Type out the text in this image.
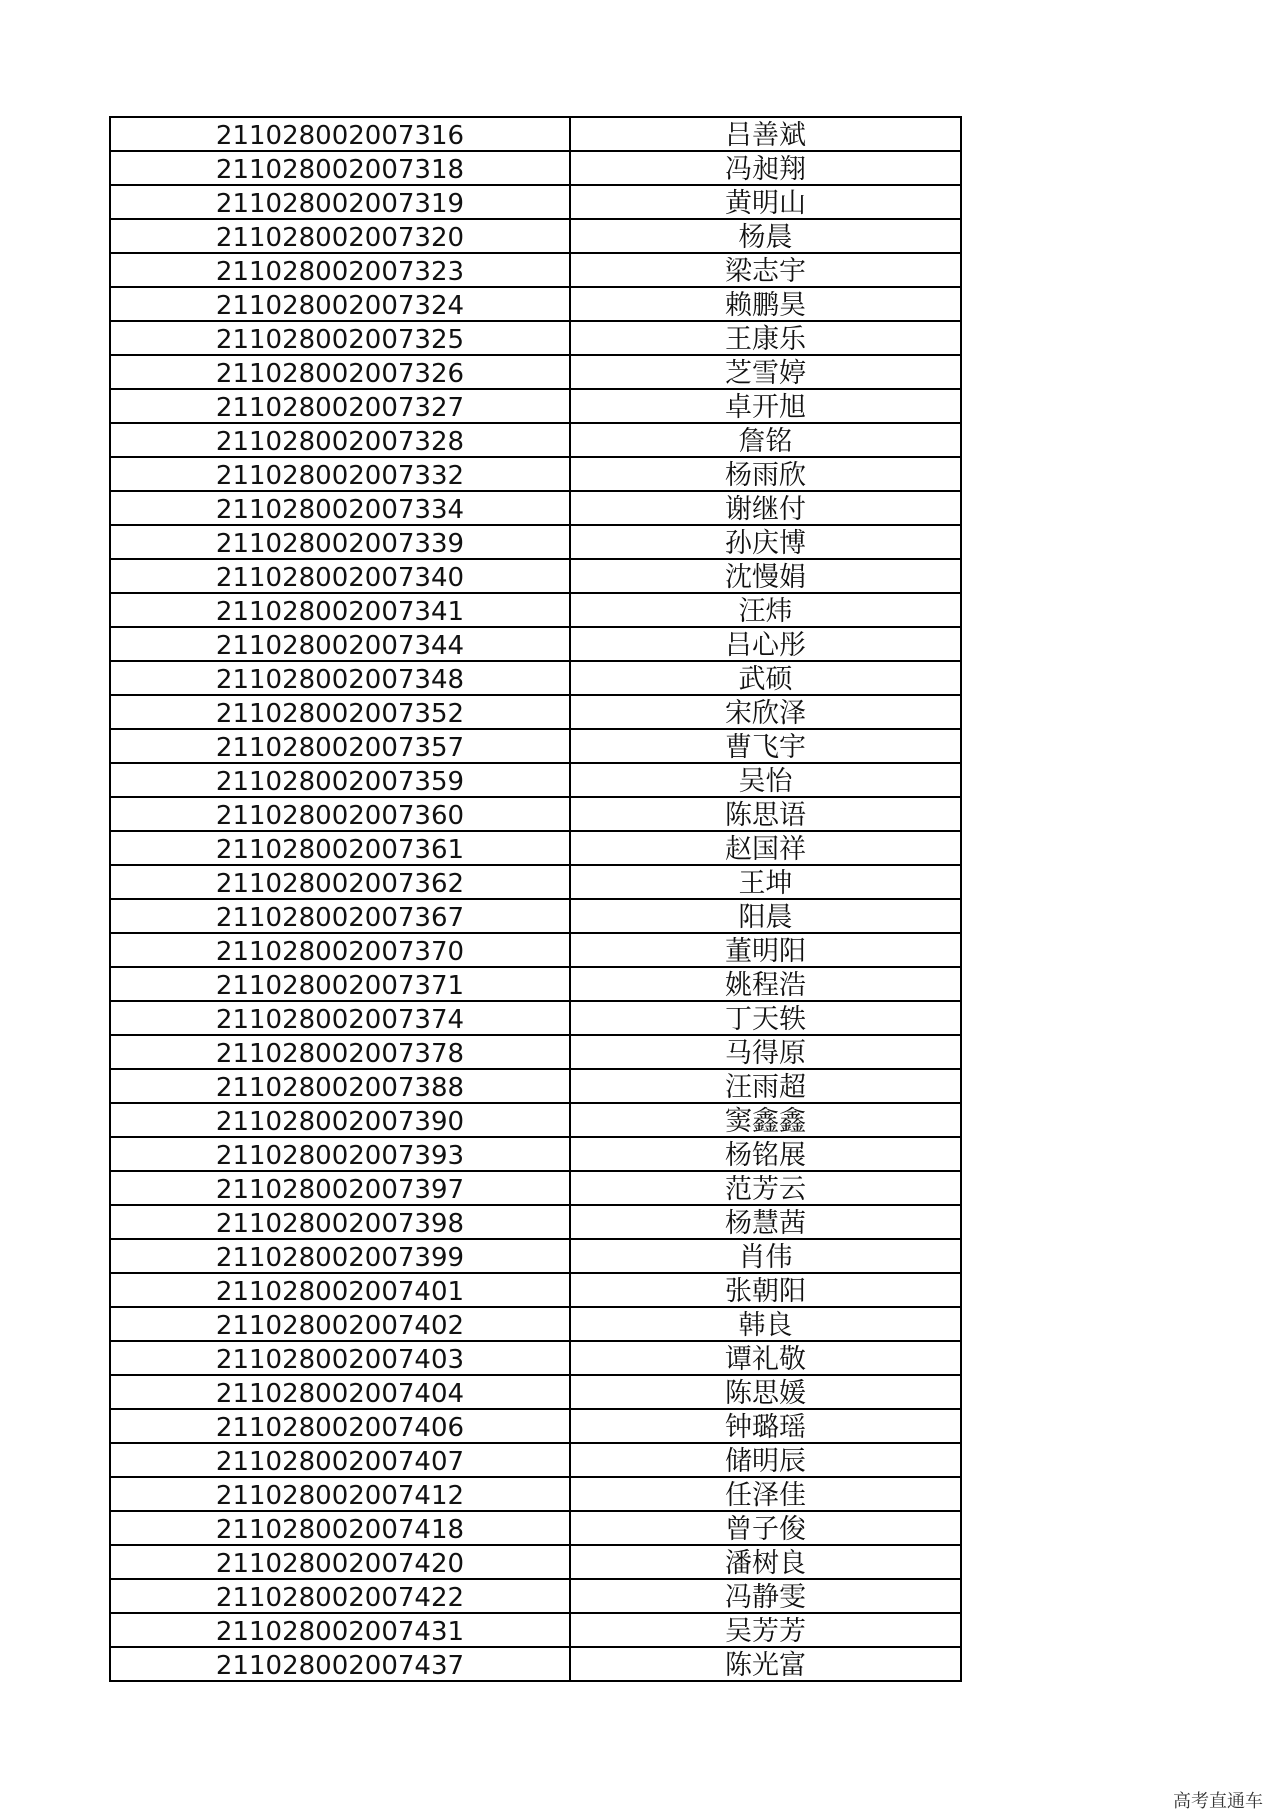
211028002007316	吕善斌
211028002007318	冯昶翔
211028002007319	黄明山
211028002007320	杨晨
211028002007323	梁志宇
211028002007324	赖鹏昊
211028002007325	王康乐
211028002007326	芝雪婷
211028002007327	卓开旭
211028002007328	詹铭
211028002007332	杨雨欣
211028002007334	谢继付
211028002007339	孙庆博
211028002007340	沈慢娟
211028002007341	汪炜
211028002007344	吕心彤
211028002007348	武硕
211028002007352	宋欣泽
211028002007357	曹飞宇
211028002007359	吴怡
211028002007360	陈思语
211028002007361	赵国祥
211028002007362	王坤
211028002007367	阳晨
211028002007370	董明阳
211028002007371	姚程浩
211028002007374	丁天轶
211028002007378	马得原
211028002007388	汪雨超
211028002007390	窦鑫鑫
211028002007393	杨铭展
211028002007397	范芳云
211028002007398	杨慧茜
211028002007399	肖伟
211028002007401	张朝阳
211028002007402	韩良
211028002007403	谭礼敬
211028002007404	陈思媛
211028002007406	钟璐瑶
211028002007407	储明辰
211028002007412	任泽佳
211028002007418	曾子俊
211028002007420	潘树良
211028002007422	冯静雯
211028002007431	吴芳芳
211028002007437	陈光富
高考直通车
